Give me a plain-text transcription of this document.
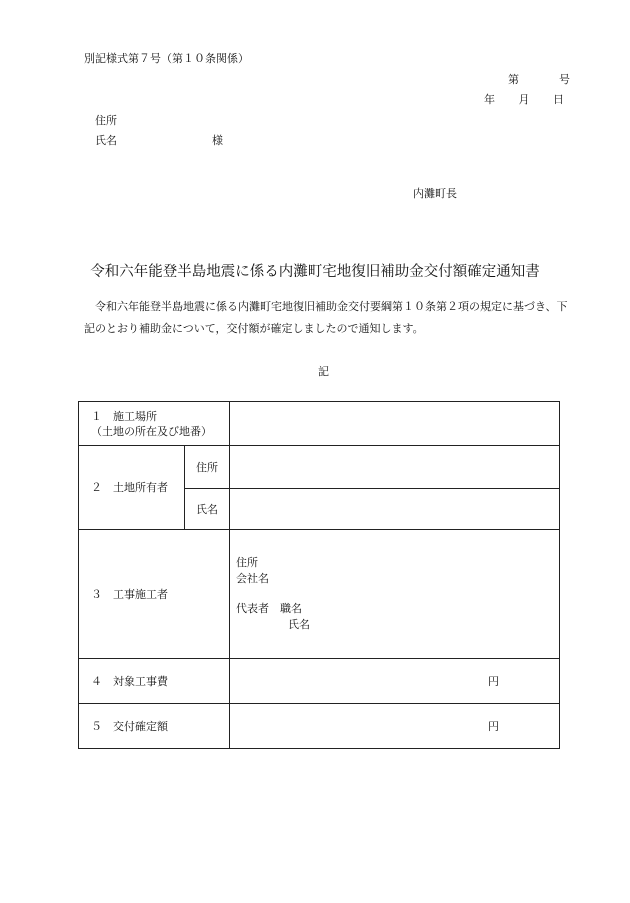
別記様式第７号（第１０条関係）
第	号
年 月 日
住所
氏名	様
内灘町長
令和六年能登半島地震に係る内灘町宅地復旧補助金交付額確定通知書
令和六年能登半島地震に係る内灘町宅地復旧補助金交付要綱第１０条第２項の規定に基づき、下記のとおり補助金について，交付額が確定しましたので通知します。
記
１　施工場所
（土地の所在及び地番）		

２　土地所有者	住所	
	氏名	
３　工事施工者		住所
会社名
代表者　職名
氏名

４　対象工事費		円
５　交付確定額		円
